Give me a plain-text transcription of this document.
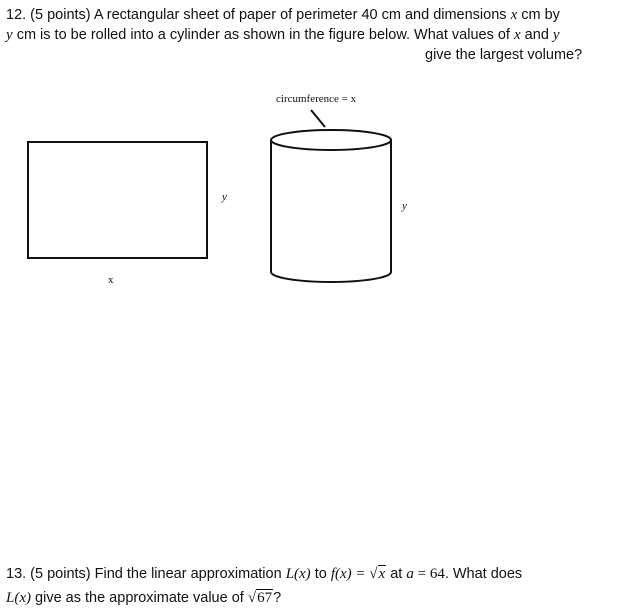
12. (5 points) A rectangular sheet of paper of perimeter 40 cm and dimensions x cm by
y cm is to be rolled into a cylinder as shown in the figure below. What values of x and y
give the largest volume?
circumference = x
y
x
y
13. (5 points) Find the linear approximation L(x) to f(x) = √x at a = 64. What does
L(x) give as the approximate value of √67?
